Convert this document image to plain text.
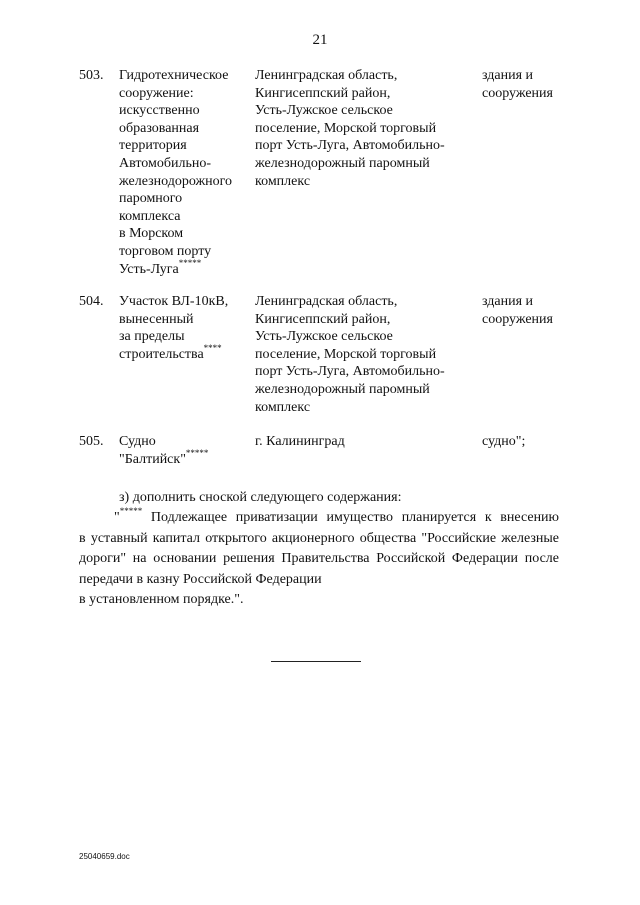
21
503. Гидротехническое
сооружение:
искусственно
образованная
территория
Автомобильно-
железнодорожного
паромного
комплекса
в Морском
торговом порту
Усть-Луга*****
Ленинградская область,
Кингисеппский район,
Усть-Лужское сельское
поселение, Морской торговый
порт Усть-Луга, Автомобильно-
железнодорожный паромный
комплекс
здания и
сооружения
504. Участок ВЛ-10кВ,
вынесенный
за пределы
строительства****
Ленинградская область,
Кингисеппский район,
Усть-Лужское сельское
поселение, Морской торговый
порт Усть-Луга, Автомобильно-
железнодорожный паромный
комплекс
здания и
сооружения
505. Судно
"Балтийск"*****
г. Калининград	судно";
з) дополнить сноской следующего содержания:
"***** Подлежащее приватизации имущество планируется к внесению
в уставный капитал открытого акционерного общества "Российские железные дороги" на основании решения Правительства Российской Федерации после передачи в казну Российской Федерации
в установленном порядке.".
25040659.doc
